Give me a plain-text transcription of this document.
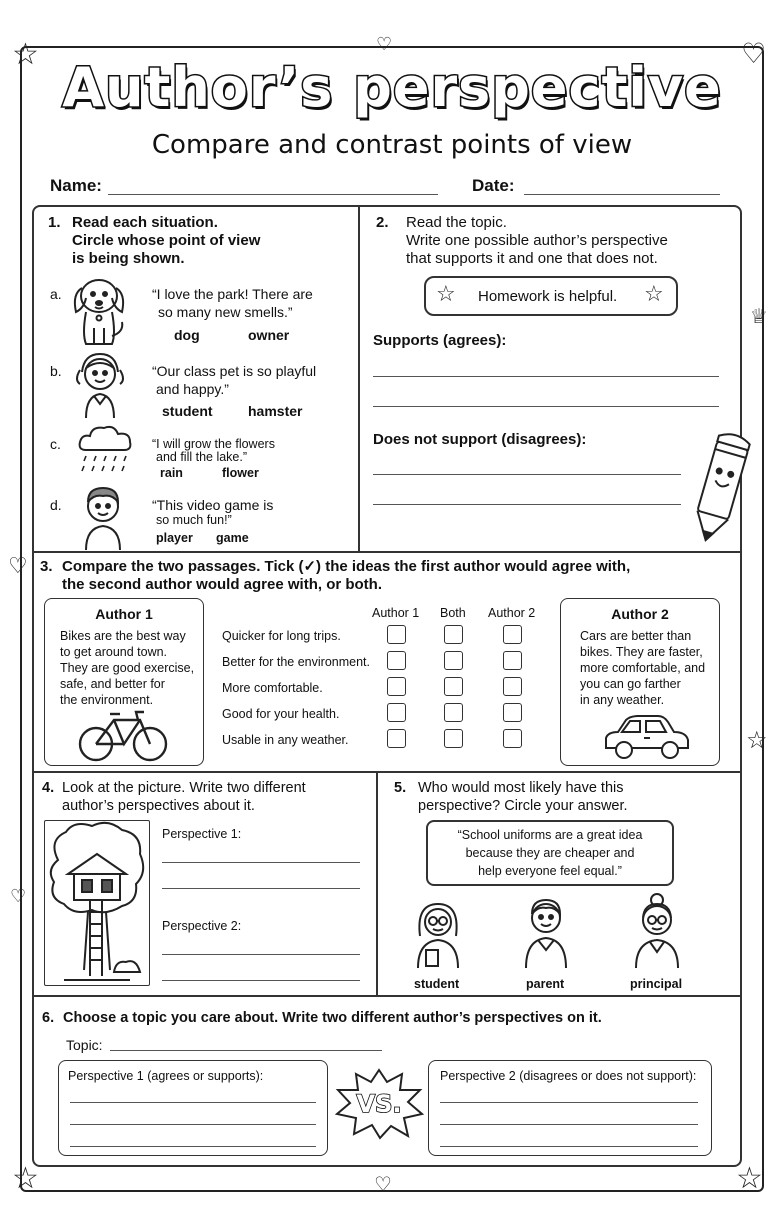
☆	♡
♡
♕
♡
☆
♡
☆	♡	☆
Author’s perspective
Compare and contrast points of view
Name:	Date:
1. Read each situation.
Circle whose point of view
is being shown.
a.	“I love the park! There are
so many new smells.”
dog	owner
b.	“Our class pet is so playful
and happy.”
student	hamster
c.	“I will grow the flowers
and fill the lake.”
rain	flower
d.	“This video game is
so much fun!”
player game
2. Read the topic.
Write one possible author’s perspective
that supports it and one that does not.
☆ Homework is helpful. ☆
Supports (agrees):
Does not support (disagrees):
3. Compare the two passages. Tick (✓) the ideas the first author would agree with,
the second author would agree with, or both.
Author 1
Bikes are the best way
to get around town.
They are good exercise,
safe, and better for
the environment.
Author 1 Both Author 2
Quicker for long trips.
Better for the environment.
More comfortable.
Good for your health.
Usable in any weather.
Author 2
Cars are better than
bikes. They are faster,
more comfortable, and
you can go farther
in any weather.
4. Look at the picture. Write two different
author’s perspectives about it.
Perspective 1:
Perspective 2:
5. Who would most likely have this
perspective? Circle your answer.
“School uniforms are a great idea
because they are cheaper and
help everyone feel equal.”
student	parent	principal
6. Choose a topic you care about. Write two different author’s perspectives on it.
Topic:
Perspective 1 (agrees or supports):
VS.
Perspective 2 (disagrees or does not support):
